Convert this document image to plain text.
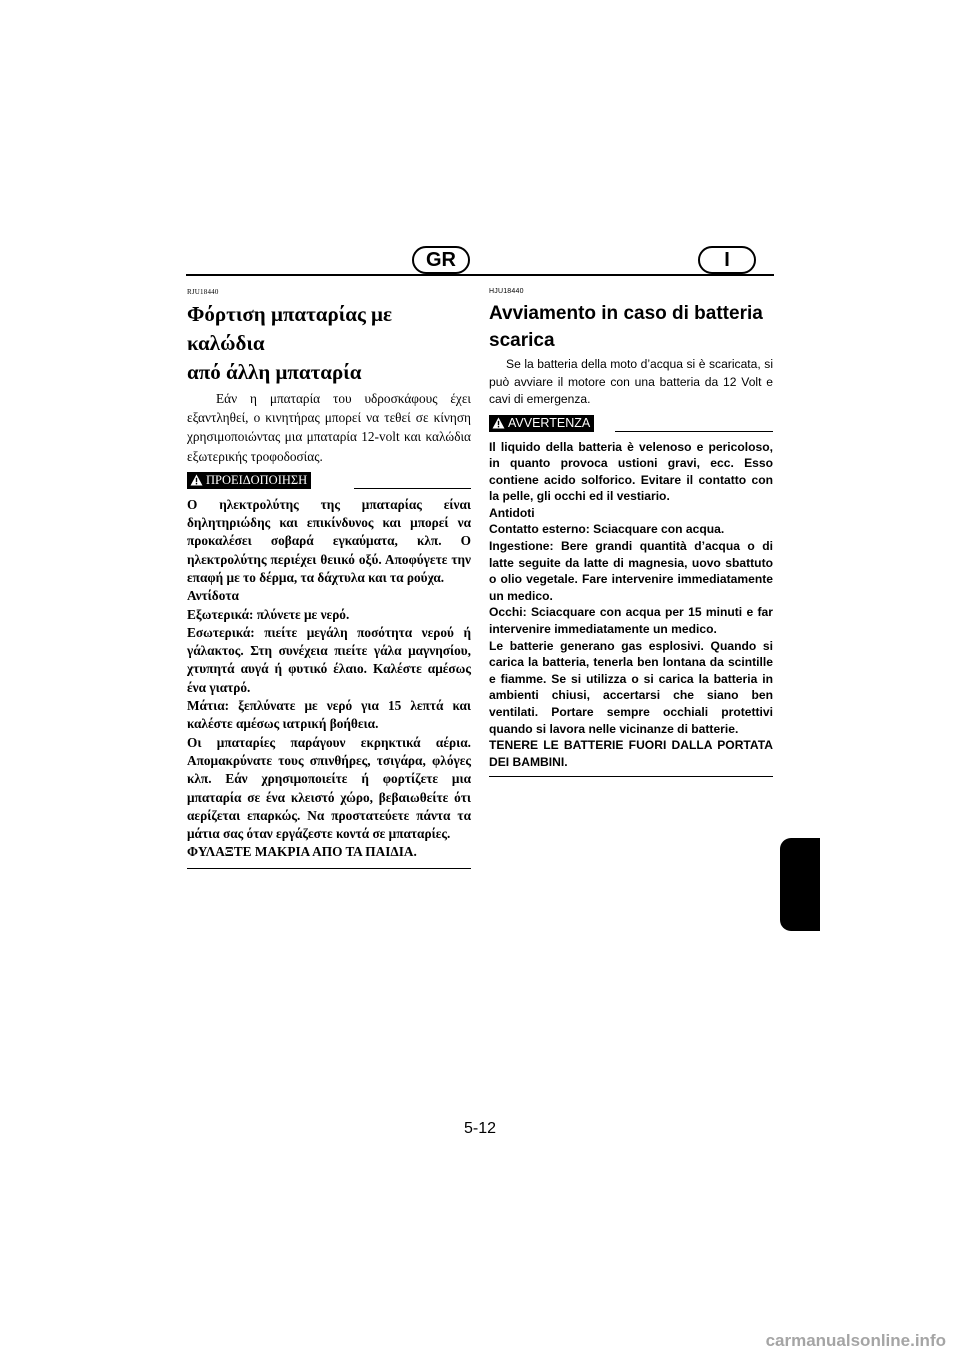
GR	I
RJU18440
Φόρτιση μπαταρίας με καλώδια
από άλλη μπαταρία
Εάν η μπαταρία του υδροσκάφους έχει εξαντληθεί, ο κινητήρας μπορεί να τεθεί σε κίνηση χρησιμοποιώντας μια μπαταρία 12-volt και καλώδια εξωτερικής τροφοδοσίας.
ΠΡΟΕΙΔΟΠΟΙΗΣΗ
Ο ηλεκτρολύτης της μπαταρίας είναι δηλητηριώδης και επικίνδυνος και μπορεί να προκαλέσει σοβαρά εγκαύματα, κλπ. Ο ηλεκτρολύτης περιέχει θειικό οξύ. Αποφύγετε την επαφή με το δέρμα, τα δάχτυλα και τα ρούχα.
Αντίδοτα
Εξωτερικά: πλύνετε με νερό.
Εσωτερικά: πιείτε μεγάλη ποσότητα νερού ή γάλακτος. Στη συνέχεια πιείτε γάλα μαγνησίου, χτυπητά αυγά ή φυτικό έλαιο. Καλέστε αμέσως ένα γιατρό.
Μάτια: ξεπλύνατε με νερό για 15 λεπτά και καλέστε αμέσως ιατρική βοήθεια.
Οι μπαταρίες παράγουν εκρηκτικά αέρια. Απομακρύνατε τους σπινθήρες, τσιγάρα, φλόγες κλπ. Εάν χρησιμοποιείτε ή φορτίζετε μια μπαταρία σε ένα κλειστό χώρο, βεβαιωθείτε ότι αερίζεται επαρκώς. Να προστατεύετε πάντα τα μάτια σας όταν εργάζεστε κοντά σε μπαταρίες.
ΦΥΛΑΞΤΕ ΜΑΚΡΙΑ ΑΠΟ ΤΑ ΠΑΙΔΙΑ.
HJU18440
Avviamento in caso di batteria
scarica
Se la batteria della moto d’acqua si è scaricata, si può avviare il motore con una batteria da 12 Volt e cavi di emergenza.
AVVERTENZA
Il liquido della batteria è velenoso e pericoloso, in quanto provoca ustioni gravi, ecc. Esso contiene acido solforico. Evitare il contatto con la pelle, gli occhi ed il vestiario.
Antidoti
Contatto esterno: Sciacquare con acqua.
Ingestione: Bere grandi quantità d’acqua o di latte seguite da latte di magnesia, uovo sbattuto o olio vegetale. Fare intervenire immediatamente un medico.
Occhi: Sciacquare con acqua per 15 minuti e far intervenire immediatamente un medico.
Le batterie generano gas esplosivi. Quando si carica la batteria, tenerla ben lontana da scintille e fiamme. Se si utilizza o si carica la batteria in ambienti chiusi, accertarsi che siano ben ventilati. Portare sempre occhiali protettivi quando si lavora nelle vicinanze di batterie.
TENERE LE BATTERIE FUORI DALLA PORTATA DEI BAMBINI.
5-12
carmanualsonline.info
